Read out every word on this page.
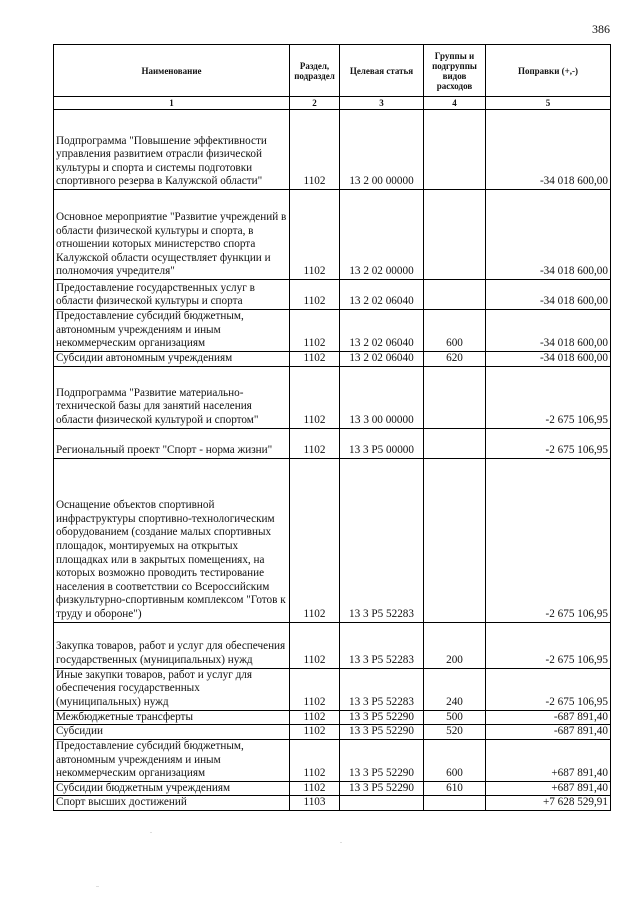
386
Наименование	Раздел, подраздел	Целевая статья	Группы и подгруппы видов расходов	Поправки (+,-)
1	2	3	4	5
Подпрограмма "Повышение эффективности управления развитием отрасли физической культуры и спорта и системы подготовки спортивного резерва в Калужской области"	1102	13 2 00 00000		-34 018 600,00
Основное мероприятие "Развитие учреждений в области физической культуры и спорта, в отношении которых министерство спорта Калужской области осуществляет функции и полномочия учредителя"	1102	13 2 02 00000		-34 018 600,00
Предоставление государственных услуг в области физической культуры и спорта	1102	13 2 02 06040		-34 018 600,00
Предоставление субсидий бюджетным, автономным учреждениям и иным некоммерческим организациям	1102	13 2 02 06040	600	-34 018 600,00
Субсидии автономным учреждениям	1102	13 2 02 06040	620	-34 018 600,00
Подпрограмма "Развитие материально-технической базы для занятий населения области физической культурой и спортом"	1102	13 3 00 00000		-2 675 106,95
Региональный проект "Спорт - норма жизни"	1102	13 3 Р5 00000		-2 675 106,95
Оснащение объектов спортивной инфраструктуры спортивно-технологическим оборудованием (создание малых спортивных площадок, монтируемых на открытых площадках или в закрытых помещениях, на которых возможно проводить тестирование населения в соответствии со Всероссийским физкультурно-спортивным комплексом "Готов к труду и обороне")	1102	13 3 Р5 52283		-2 675 106,95
Закупка товаров, работ и услуг для обеспечения государственных (муниципальных) нужд	1102	13 3 Р5 52283	200	-2 675 106,95
Иные закупки товаров, работ и услуг для обеспечения государственных (муниципальных) нужд	1102	13 3 Р5 52283	240	-2 675 106,95
Межбюджетные трансферты	1102	13 3 Р5 52290	500	-687 891,40
Субсидии	1102	13 3 Р5 52290	520	-687 891,40
Предоставление субсидий бюджетным, автономным учреждениям и иным некоммерческим организациям	1102	13 3 Р5 52290	600	+687 891,40
Субсидии бюджетным учреждениям	1102	13 3 Р5 52290	610	+687 891,40
Спорт высших достижений	1103			+7 628 529,91
